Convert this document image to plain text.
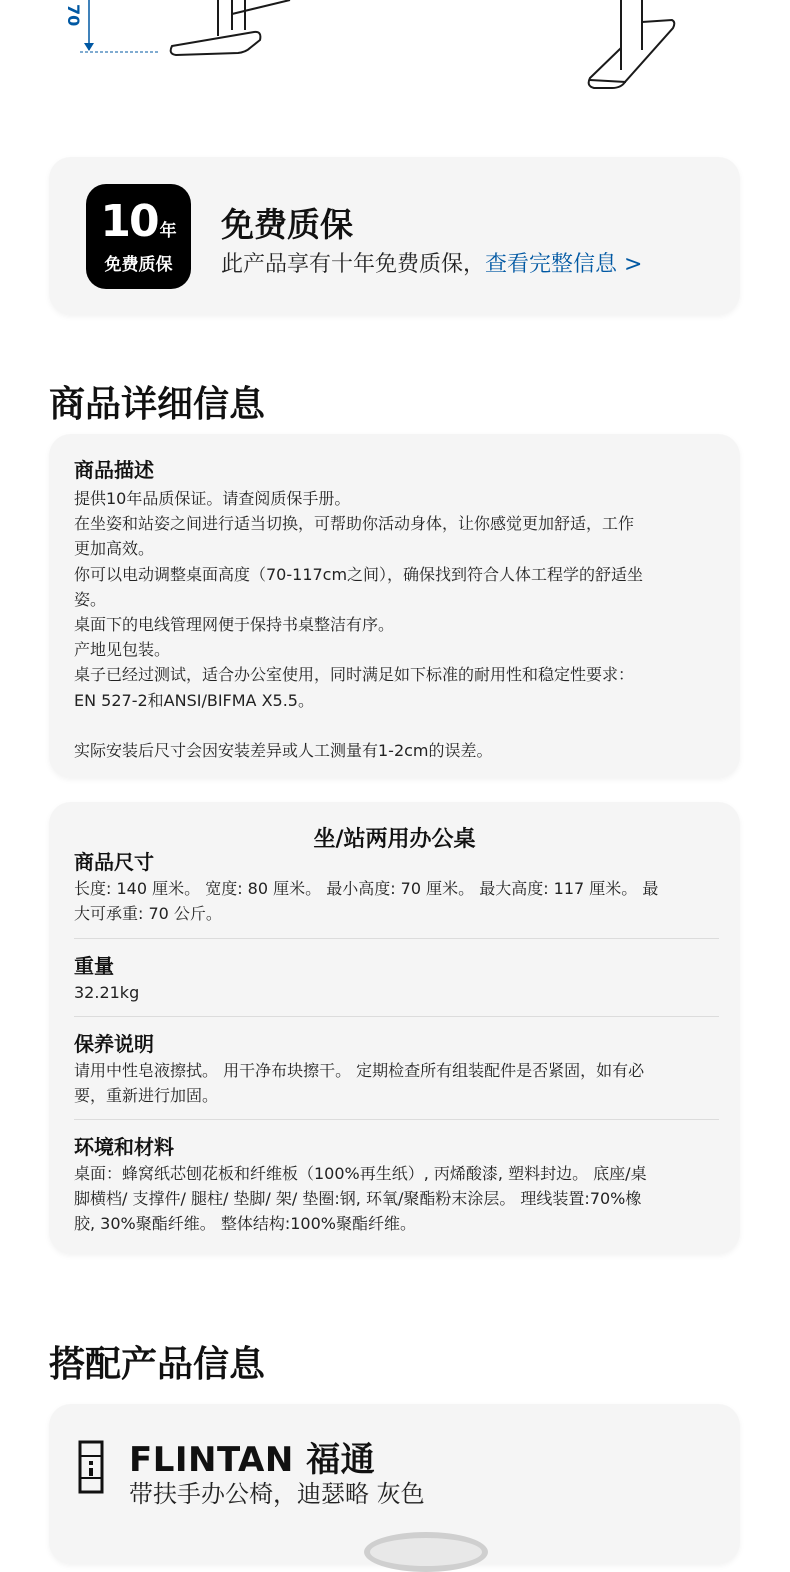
70
10 年
免费质保
免费质保
此产品享有十年免费质保，查看完整信息 >
商品详细信息
商品描述

提供10年品质保证。请查阅质保手册。

在坐姿和站姿之间进行适当切换，可帮助你活动身体，让你感觉更加舒适，工作

更加高效。

你可以电动调整桌面高度（70-117cm之间），确保找到符合人体工程学的舒适坐

姿。

桌面下的电线管理网便于保持书桌整洁有序。

产地见包装。

桌子已经过测试，适合办公室使用，同时满足如下标准的耐用性和稳定性要求：

EN 527-2和ANSI/BIFMA X5.5。

实际安装后尺寸会因安装差异或人工测量有1-2cm的误差。

坐/站两用办公桌
商品尺寸

长度: 140 厘米。 宽度: 80 厘米。 最小高度: 70 厘米。 最大高度: 117 厘米。 最

大可承重: 70 公斤。

重量

32.21kg

保养说明

请用中性皂液擦拭。 用干净布块擦干。 定期检查所有组装配件是否紧固，如有必

要，重新进行加固。

环境和材料

桌面：蜂窝纸芯刨花板和纤维板（100%再生纸）, 丙烯酸漆, 塑料封边。 底座/桌

脚横档/ 支撑件/ 腿柱/ 垫脚/ 架/ 垫圈:钢, 环氧/聚酯粉末涂层。 理线装置:70%橡

胶, 30%聚酯纤维。 整体结构:100%聚酯纤维。

搭配产品信息
FLINTAN 福通
带扶手办公椅，迪瑟略 灰色
